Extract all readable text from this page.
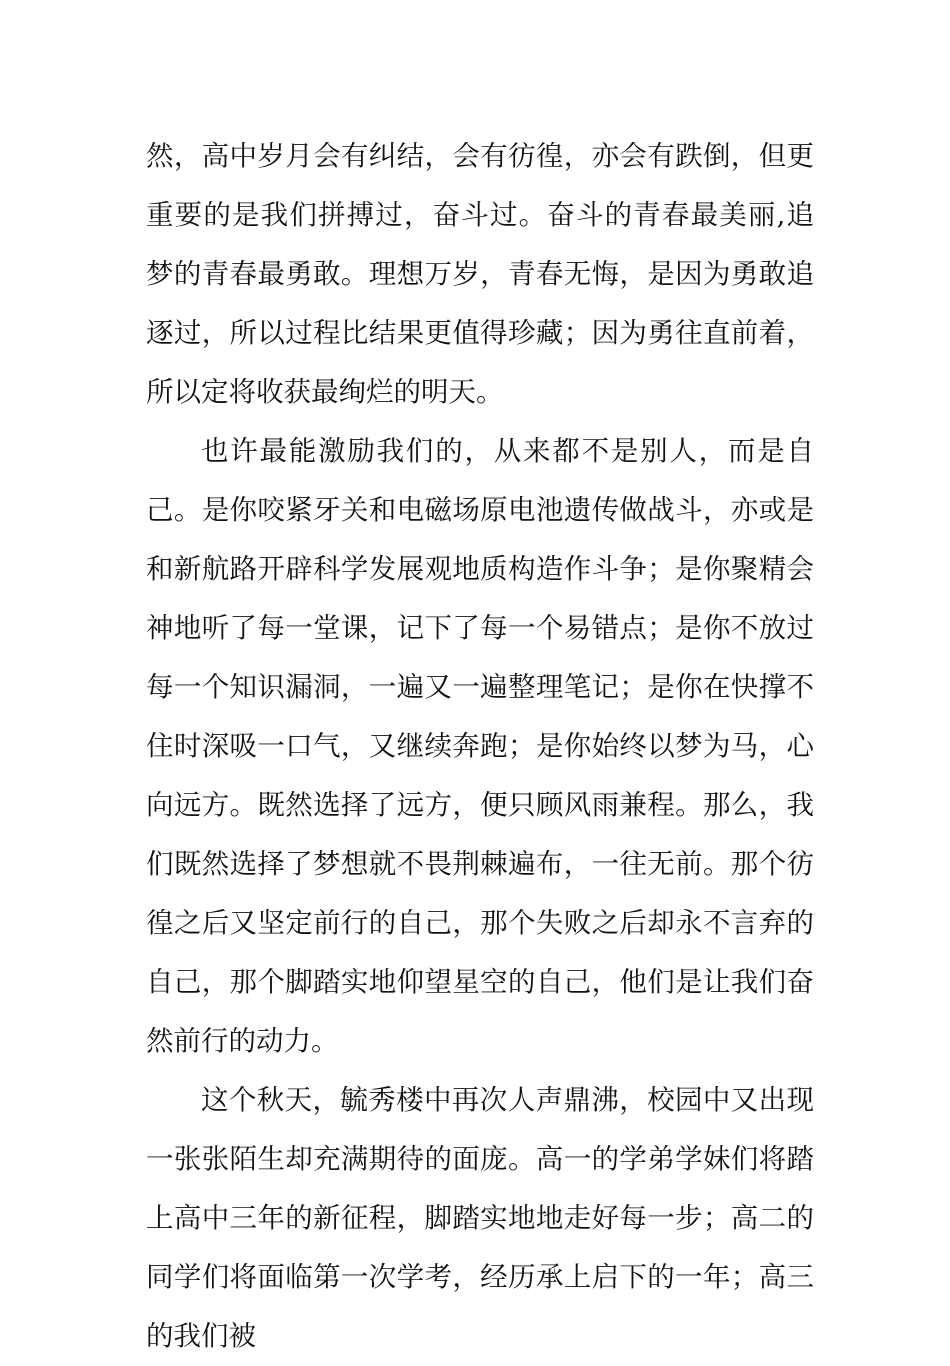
然，高中岁月会有纠结，会有彷徨，亦会有跌倒，但更重要的是我们拼搏过，奋斗过。奋斗的青春最美丽,追梦的青春最勇敢。理想万岁，青春无悔，是因为勇敢追逐过，所以过程比结果更值得珍藏；因为勇往直前着，所以定将收获最绚烂的明天。

也许最能激励我们的，从来都不是别人，而是自己。是你咬紧牙关和电磁场原电池遗传做战斗，亦或是和新航路开辟科学发展观地质构造作斗争；是你聚精会神地听了每一堂课，记下了每一个易错点；是你不放过每一个知识漏洞，一遍又一遍整理笔记；是你在快撑不住时深吸一口气，又继续奔跑；是你始终以梦为马，心向远方。既然选择了远方，便只顾风雨兼程。那么，我们既然选择了梦想就不畏荆棘遍布，一往无前。那个彷徨之后又坚定前行的自己，那个失败之后却永不言弃的自己，那个脚踏实地仰望星空的自己，他们是让我们奋然前行的动力。

这个秋天，毓秀楼中再次人声鼎沸，校园中又出现一张张陌生却充满期待的面庞。高一的学弟学妹们将踏上高中三年的新征程，脚踏实地地走好每一步；高二的同学们将面临第一次学考，经历承上启下的一年；高三的我们被
